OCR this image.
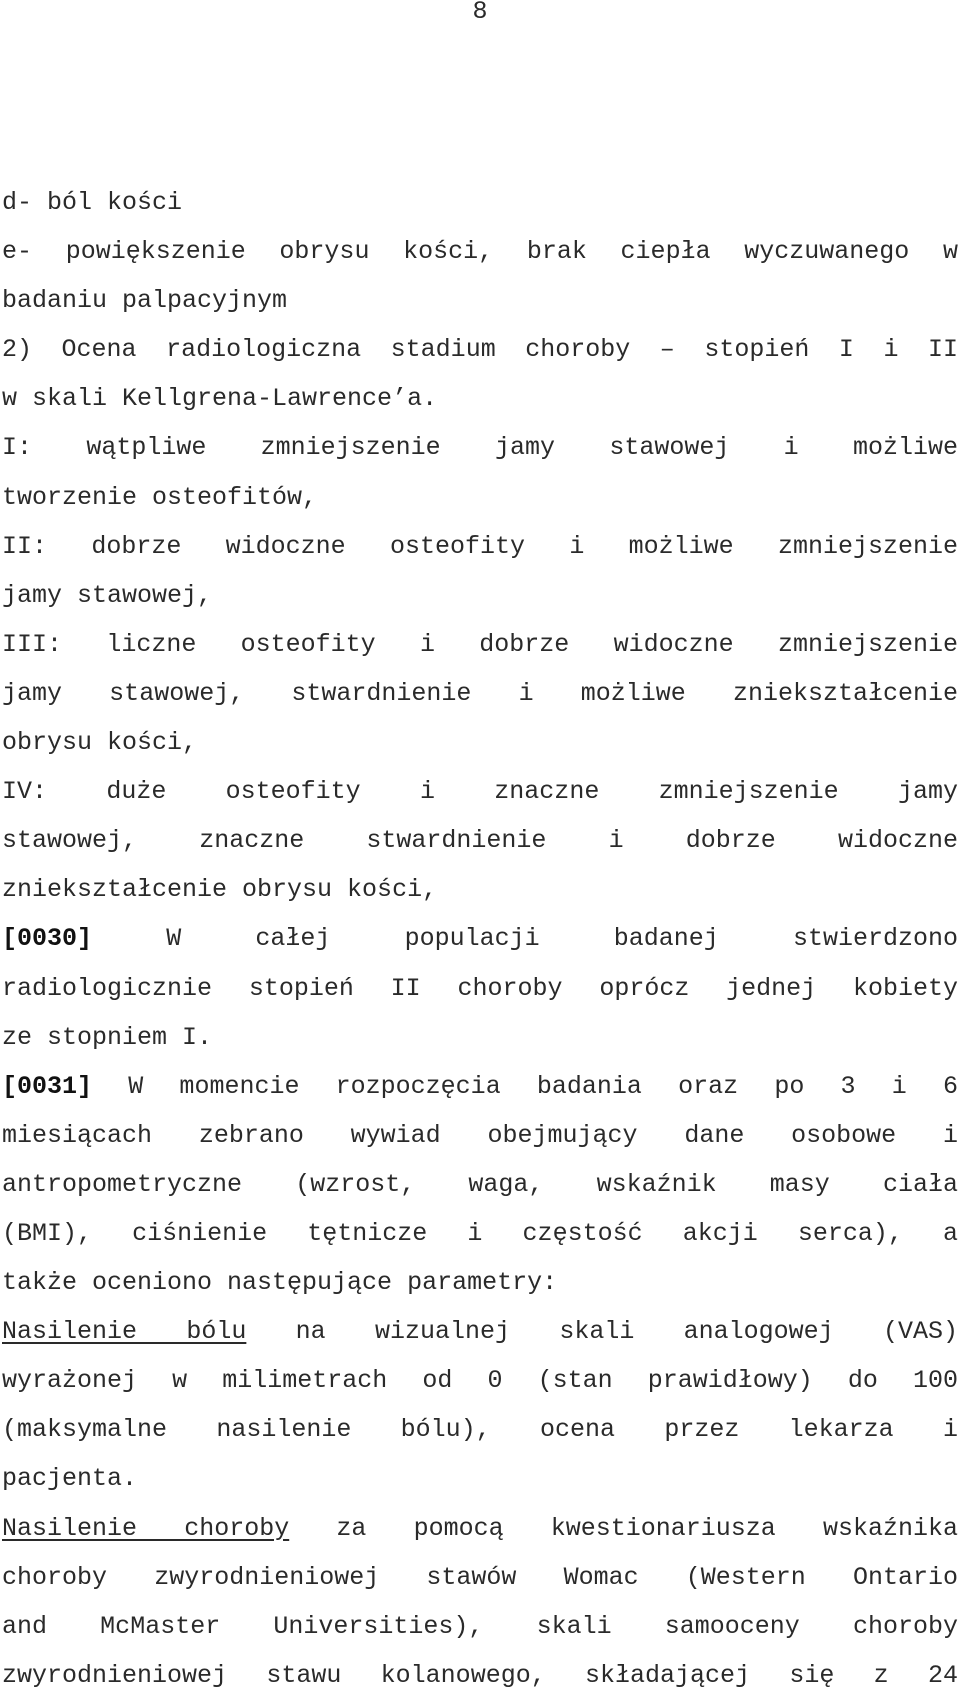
8
d- ból kości
e- powiększenie obrysu kości, brak ciepła wyczuwanego w
badaniu palpacyjnym
2) Ocena radiologiczna stadium choroby – stopień I i II
w skali Kellgrena-Lawrence’a.
I: wątpliwe zmniejszenie jamy stawowej i możliwe
tworzenie osteofitów,
II: dobrze widoczne osteofity i możliwe zmniejszenie
jamy stawowej,
III: liczne osteofity i dobrze widoczne zmniejszenie
jamy stawowej, stwardnienie i możliwe zniekształcenie
obrysu kości,
IV: duże osteofity i znaczne zmniejszenie jamy
stawowej, znaczne stwardnienie i dobrze widoczne
zniekształcenie obrysu kości,
[0030] W całej populacji badanej stwierdzono
radiologicznie stopień II choroby oprócz jednej kobiety
ze stopniem I.
[0031] W momencie rozpoczęcia badania oraz po 3 i 6
miesiącach zebrano wywiad obejmujący dane osobowe i
antropometryczne (wzrost, waga, wskaźnik masy ciała
(BMI), ciśnienie tętnicze i częstość akcji serca), a
także oceniono następujące parametry:
Nasilenie bólu na wizualnej skali analogowej (VAS)
wyrażonej w milimetrach od 0 (stan prawidłowy) do 100
(maksymalne nasilenie bólu), ocena przez lekarza i
pacjenta.
Nasilenie choroby za pomocą kwestionariusza wskaźnika
choroby zwyrodnieniowej stawów Womac (Western Ontario
and McMaster Universities), skali samooceny choroby
zwyrodnieniowej stawu kolanowego, składającej się z 24
